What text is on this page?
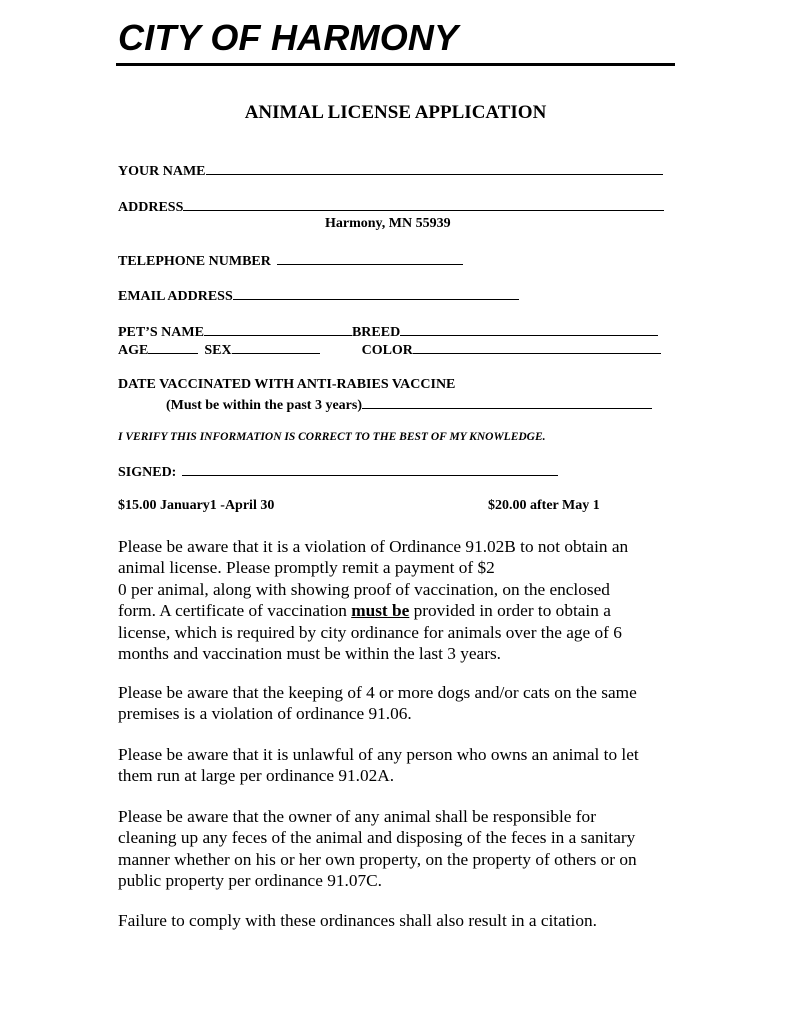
CITY OF HARMONY
ANIMAL LICENSE APPLICATION
YOUR NAME
ADDRESS
Harmony, MN 55939
TELEPHONE NUMBER
EMAIL ADDRESS
PET’S NAME	BREED
AGE	SEX	COLOR
DATE VACCINATED WITH ANTI-RABIES VACCINE
(Must be within the past 3 years)
I VERIFY THIS INFORMATION IS CORRECT TO THE BEST OF MY KNOWLEDGE.
SIGNED:
$15.00 January1 -April 30	$20.00 after May 1
Please be aware that it is a violation of Ordinance 91.02B to not obtain an
animal license. Please promptly remit a payment of $2
0 per animal, along with showing proof of vaccination, on the enclosed
form. A certificate of vaccination must be provided in order to obtain a
license, which is required by city ordinance for animals over the age of 6
months and vaccination must be within the last 3 years.
Please be aware that the keeping of 4 or more dogs and/or cats on the same
premises is a violation of ordinance 91.06.
Please be aware that it is unlawful of any person who owns an animal to let
them run at large per ordinance 91.02A.
Please be aware that the owner of any animal shall be responsible for
cleaning up any feces of the animal and disposing of the feces in a sanitary
manner whether on his or her own property, on the property of others or on
public property per ordinance 91.07C.
Failure to comply with these ordinances shall also result in a citation.
